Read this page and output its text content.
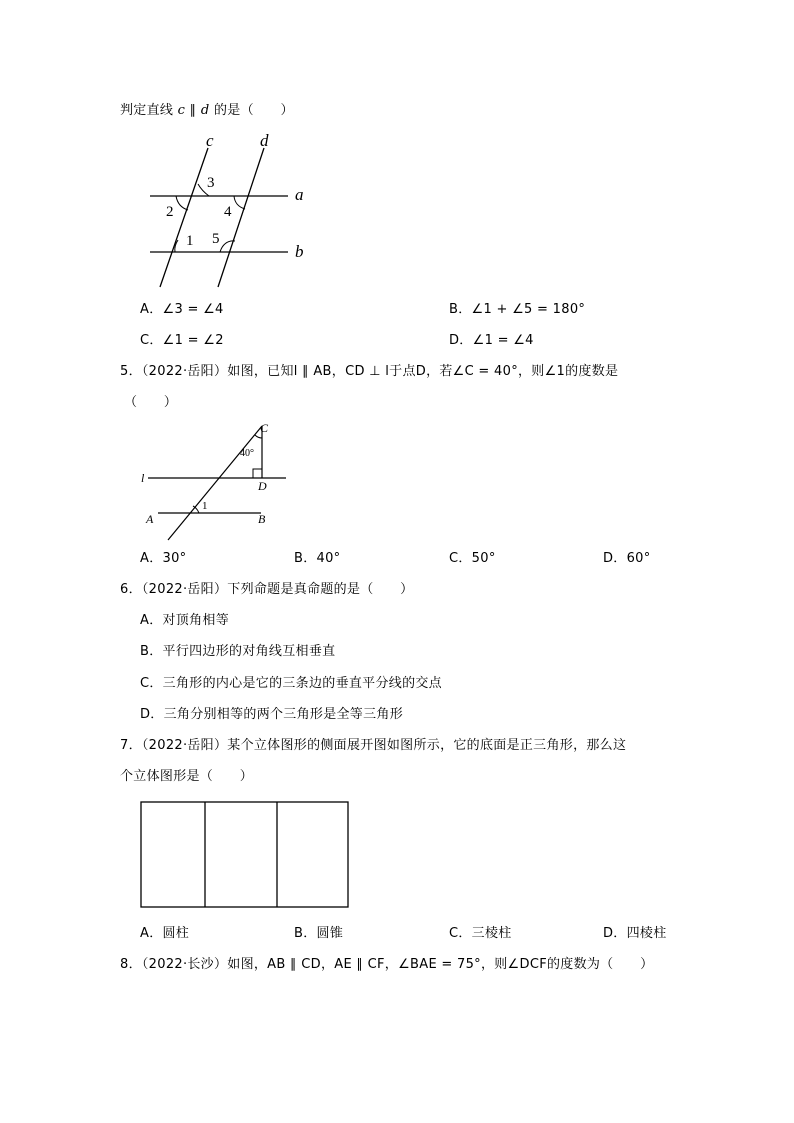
判定直线 c ∥ d 的是（　　）
c	d
a
b
3
2	4
1 5
A．∠3 = ∠4	B．∠1 + ∠5 = 180°
C．∠1 = ∠2	D．∠1 = ∠4
5．（2022·岳阳）如图，已知l ∥ AB，CD ⊥ l于点D，若∠C = 40°，则∠1的度数是
（　　）
C
40°
l
D
A	B
1
A．30°	B．40°	C．50°	D．60°
6．（2022·岳阳）下列命题是真命题的是（　　）
A．对顶角相等
B．平行四边形的对角线互相垂直
C．三角形的内心是它的三条边的垂直平分线的交点
D．三角分别相等的两个三角形是全等三角形
7．（2022·岳阳）某个立体图形的侧面展开图如图所示，它的底面是正三角形，那么这
个立体图形是（　　）
A．圆柱	B．圆锥	C．三棱柱	D．四棱柱
8．（2022·长沙）如图，AB ∥ CD，AE ∥ CF，∠BAE = 75°，则∠DCF的度数为（　　）
